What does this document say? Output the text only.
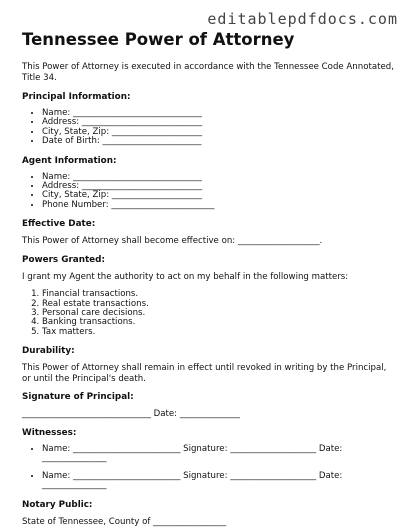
editablepdfdocs.com
Tennessee Power of Attorney

This Power of Attorney is executed in accordance with the Tennessee Code Annotated, Title 34.

Principal Information:
• Name: ______________________________
• Address: ____________________________
• City, State, Zip: _____________________
• Date of Birth: _______________________
Agent Information:
• Name: ______________________________
• Address: ____________________________
• City, State, Zip: _____________________
• Phone Number: ________________________
Effective Date:

This Power of Attorney shall become effective on: ___________________.

Powers Granted:

I grant my Agent the authority to act on my behalf in the following matters:

1. Financial transactions.
2. Real estate transactions.
3. Personal care decisions.
4. Banking transactions.
5. Tax matters.
Durability:

This Power of Attorney shall remain in effect until revoked in writing by the Principal, or until the Principal's death.

Signature of Principal:

______________________________ Date: ______________

Witnesses:
• Name: _________________________ Signature: ____________________ Date: _______________
• Name: _________________________ Signature: ____________________ Date: _______________
Notary Public:

State of Tennessee, County of _________________
